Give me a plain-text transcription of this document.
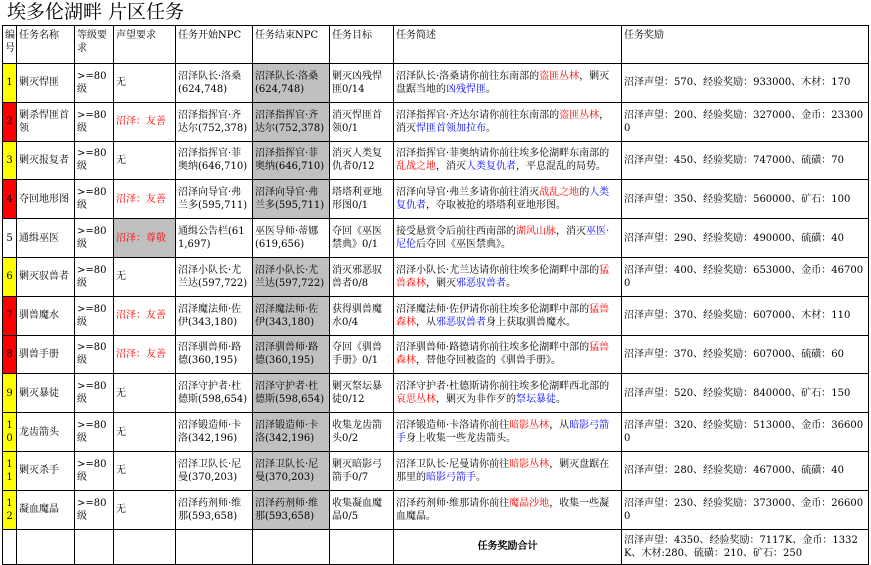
埃多伦湖畔 片区任务
编号	任务名称	等级要求	声望要求	任务开始NPC	任务结束NPC	任务目标	任务简述	任务奖励
1	剿灭悍匪	>=80级	无	沼泽队长·洛桑(624,748)	沼泽队长·洛桑(624,748)	剿灭凶残悍匪0/14	沼泽队长·洛桑请你前往东南部的盗匪丛林，剿灭盘踞当地的凶残悍匪。	沼泽声望：570、经验奖励：933000、木材：170
2	剿杀悍匪首领	>=80级	沼泽：友善	沼泽指挥官·齐达尔(752,378)	沼泽指挥官·齐达尔(752,378)	消灭悍匪首领0/1	沼泽指挥官·齐达尔请你前往东南部的盗匪丛林，消灭悍匪首领加拉布。	沼泽声望：200、经验奖励：327000、金币：233000
3	剿灭报复者	>=80级	无	沼泽指挥官·菲奥纳(646,710)	沼泽指挥官·菲奥纳(646,710)	消灭人类复仇者0/12	沼泽指挥官·菲奥纳请你前往埃多伦湖畔东南部的乱战之地，消灭人类复仇者，平息混乱的局势。	沼泽声望：450、经验奖励：747000、硫磺：70
4	夺回地形图	>=80级	沼泽：友善	沼泽向导官·弗兰多(595,711)	沼泽向导官·弗兰多(595,711)	塔塔利亚地形图0/1	沼泽向导官·弗兰多请你前往消灭战乱之地的人类复仇者，夺取被抢的塔塔利亚地形图。	沼泽声望：350、经验奖励：560000、矿石：100
5	通缉巫医	>=80级	沼泽：尊敬	通缉公告栏(611,697)	巫医导师·蒂娜(619,656)	夺回《巫医禁典》0/1	接受悬赏令后前往西南部的湖风山脉，消灭巫医·尼伦后夺回《巫医禁典》。	沼泽声望：290、经验奖励：490000、硫磺：40
6	剿灭驭兽者	>=80级	无	沼泽小队长·尤兰达(597,722)	沼泽小队长·尤兰达(597,722)	消灭邪恶驭兽者0/8	沼泽小队长·尤兰达请你前往埃多伦湖畔中部的猛兽森林，剿灭邪恶驭兽者。	沼泽声望：400、经验奖励：653000、金币：467000
7	驯兽魔水	>=80级	沼泽：友善	沼泽魔法师·佐伊(343,180)	沼泽魔法师·佐伊(343,180)	获得驯兽魔水0/4	沼泽魔法师·佐伊请你前往埃多伦湖畔中部的猛兽森林，从邪恶驭兽者身上获取驯兽魔水。	沼泽声望：370、经验奖励：607000、木材：110
8	驯兽手册	>=80级	沼泽：友善	沼泽驯兽师·路德(360,195)	沼泽驯兽师·路德(360,195)	夺回《驯兽手册》0/1	沼泽驯兽师·路德请你前往埃多伦湖畔中部的猛兽森林，替他夺回被盗的《驯兽手册》。	沼泽声望：370、经验奖励：607000、硫磺：60
9	剿灭暴徒	>=80级	无	沼泽守护者·杜德斯(598,654)	沼泽守护者·杜德斯(598,654)	剿灭祭坛暴徒0/12	沼泽守护者·杜德斯请你前往埃多伦湖畔西北部的哀思丛林，剿灭为非作歹的祭坛暴徒。	沼泽声望：520、经验奖励：840000、矿石：150
10	龙齿箭头	>=80级	无	沼泽锻造师·卡洛(342,196)	沼泽锻造师·卡洛(342,196)	收集龙齿箭头0/2	沼泽锻造师·卡洛请你前往暗影丛林，从暗影弓箭手身上收集一些龙齿箭头。	沼泽声望：320、经验奖励：513000、金币：366000
11	剿灭杀手	>=80级	无	沼泽卫队长·尼曼(370,203)	沼泽卫队长·尼曼(370,203)	剿灭暗影弓箭手0/7	沼泽卫队长·尼曼请你前往暗影丛林，剿灭盘踞在那里的暗影弓箭手。	沼泽声望：280、经验奖励：467000、硫磺：40
12	凝血魔晶	>=80级	无	沼泽药剂师·维那(593,658)	沼泽药剂师·维那(593,658)	收集凝血魔晶0/5	沼泽药剂师·维那请你前往魔晶沙地，收集一些凝血魔晶。	沼泽声望：230、经验奖励：373000、金币：266000
							任务奖励合计	沼泽声望：4350、经验奖励：7117K、金币：1332K、木材:280、硫磺：210、矿石：250
